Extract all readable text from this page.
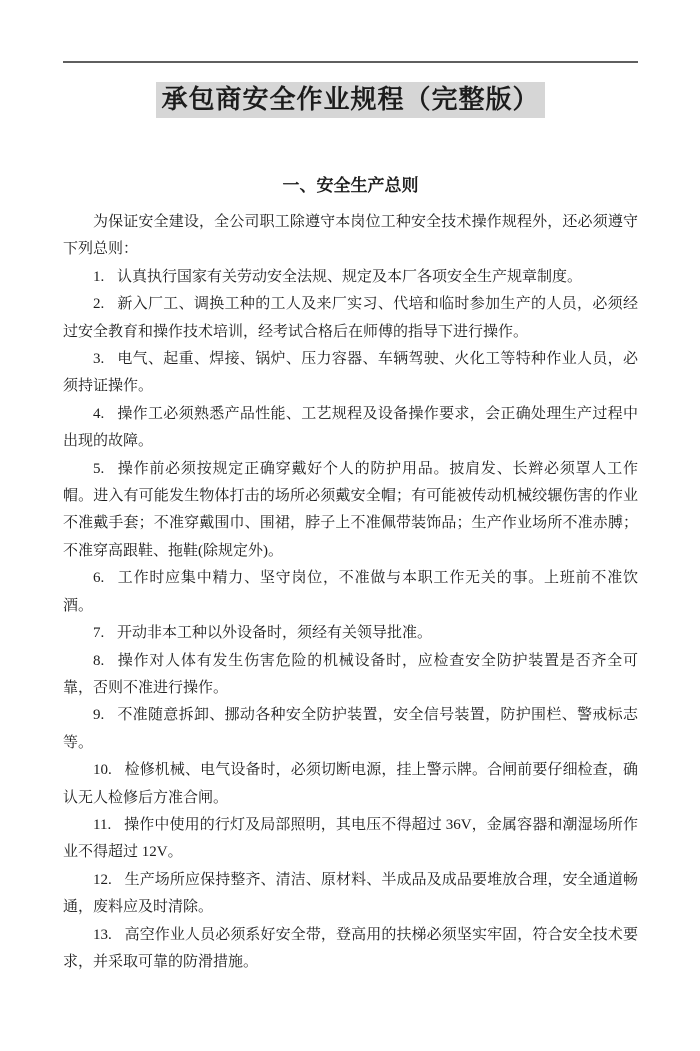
承包商安全作业规程（完整版）
一、安全生产总则

为保证安全建设，全公司职工除遵守本岗位工种安全技术操作规程外，还必须遵守下列总则：

1. 认真执行国家有关劳动安全法规、规定及本厂各项安全生产规章制度。

2. 新入厂工、调换工种的工人及来厂实习、代培和临时参加生产的人员，必须经过安全教育和操作技术培训，经考试合格后在师傅的指导下进行操作。

3. 电气、起重、焊接、锅炉、压力容器、车辆驾驶、火化工等特种作业人员，必须持证操作。

4. 操作工必须熟悉产品性能、工艺规程及设备操作要求，会正确处理生产过程中出现的故障。

5. 操作前必须按规定正确穿戴好个人的防护用品。披肩发、长辫必须罩人工作帽。进入有可能发生物体打击的场所必须戴安全帽；有可能被传动机械绞辗伤害的作业不准戴手套；不准穿戴围巾、围裙，脖子上不准佩带装饰品；生产作业场所不准赤膊；不准穿高跟鞋、拖鞋(除规定外)。

6. 工作时应集中精力、坚守岗位，不准做与本职工作无关的事。上班前不准饮酒。

7. 开动非本工种以外设备时，须经有关领导批准。

8. 操作对人体有发生伤害危险的机械设备时，应检查安全防护装置是否齐全可靠，否则不准进行操作。

9. 不准随意拆卸、挪动各种安全防护装置，安全信号装置，防护围栏、警戒标志等。

10. 检修机械、电气设备时，必须切断电源，挂上警示牌。合闸前要仔细检查，确认无人检修后方准合闸。

11. 操作中使用的行灯及局部照明，其电压不得超过 36V，金属容器和潮湿场所作业不得超过 12V。

12. 生产场所应保持整齐、清洁、原材料、半成品及成品要堆放合理，安全通道畅通，废料应及时清除。

13. 高空作业人员必须系好安全带，登高用的扶梯必须坚实牢固，符合安全技术要求，并采取可靠的防滑措施。
